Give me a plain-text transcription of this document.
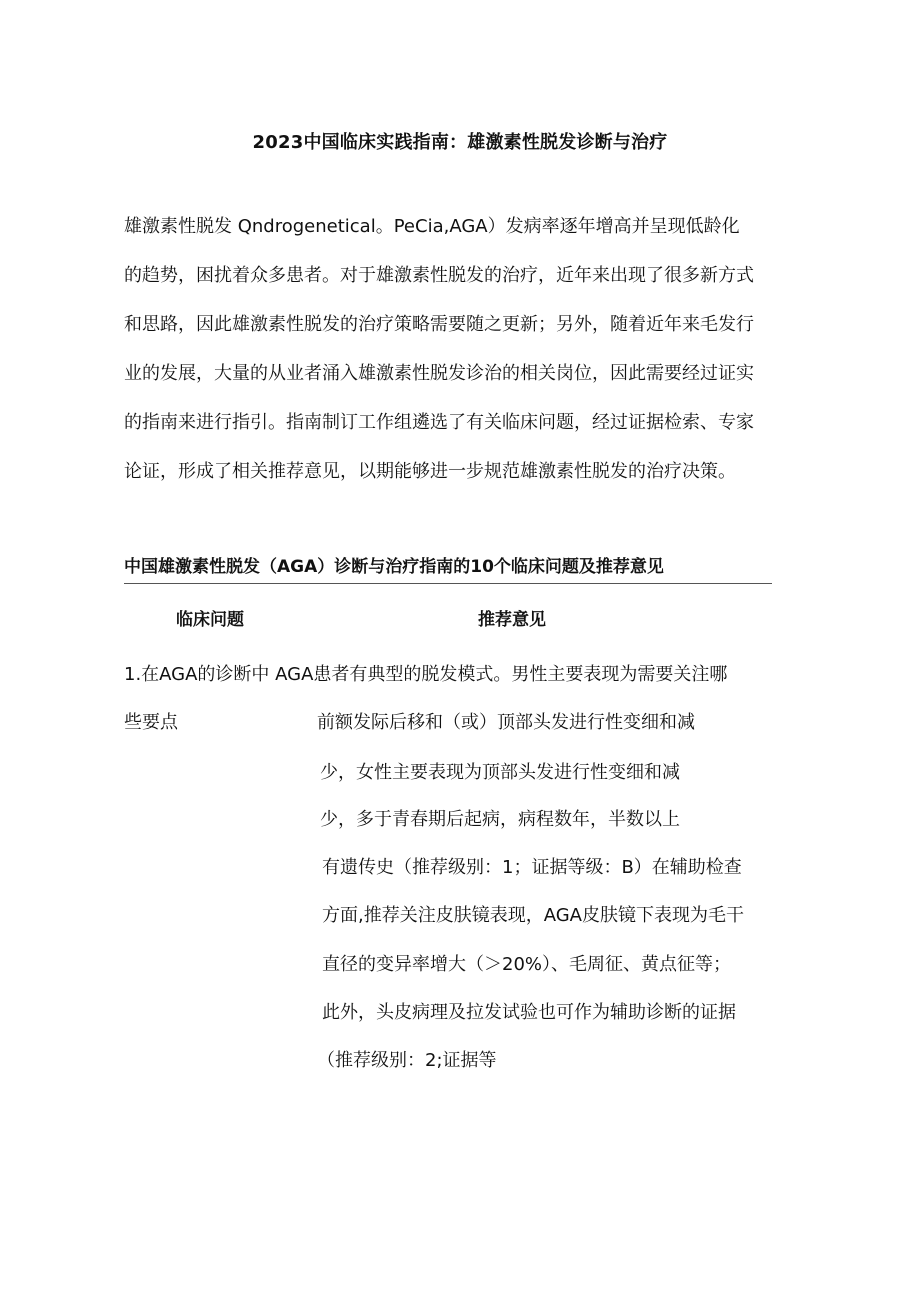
2023中国临床实践指南：雄激素性脱发诊断与治疗
雄激素性脱发 Qndrogenetical。PeCia,AGA）发病率逐年增高并呈现低龄化
的趋势，困扰着众多患者。对于雄激素性脱发的治疗，近年来出现了很多新方式
和思路，因此雄激素性脱发的治疗策略需要随之更新；另外，随着近年来毛发行
业的发展，大量的从业者涌入雄激素性脱发诊治的相关岗位，因此需要经过证实
的指南来进行指引。指南制订工作组遴选了有关临床问题，经过证据检索、专家
论证，形成了相关推荐意见，以期能够进一步规范雄激素性脱发的治疗决策。
中国雄激素性脱发（AGA）诊断与治疗指南的10个临床问题及推荐意见
临床问题	推荐意见
1.在AGA的诊断中 AGA患者有典型的脱发模式。男性主要表现为需要关注哪
些要点	前额发际后移和（或）顶部头发进行性变细和减
少，女性主要表现为顶部头发进行性变细和减
少，多于青春期后起病，病程数年，半数以上
有遗传史（推荐级别：1；证据等级：B）在辅助检查
方面,推荐关注皮肤镜表现，AGA皮肤镜下表现为毛干
直径的变异率增大（＞20%）、毛周征、黄点征等；
此外，头皮病理及拉发试验也可作为辅助诊断的证据
（推荐级别：2;证据等
